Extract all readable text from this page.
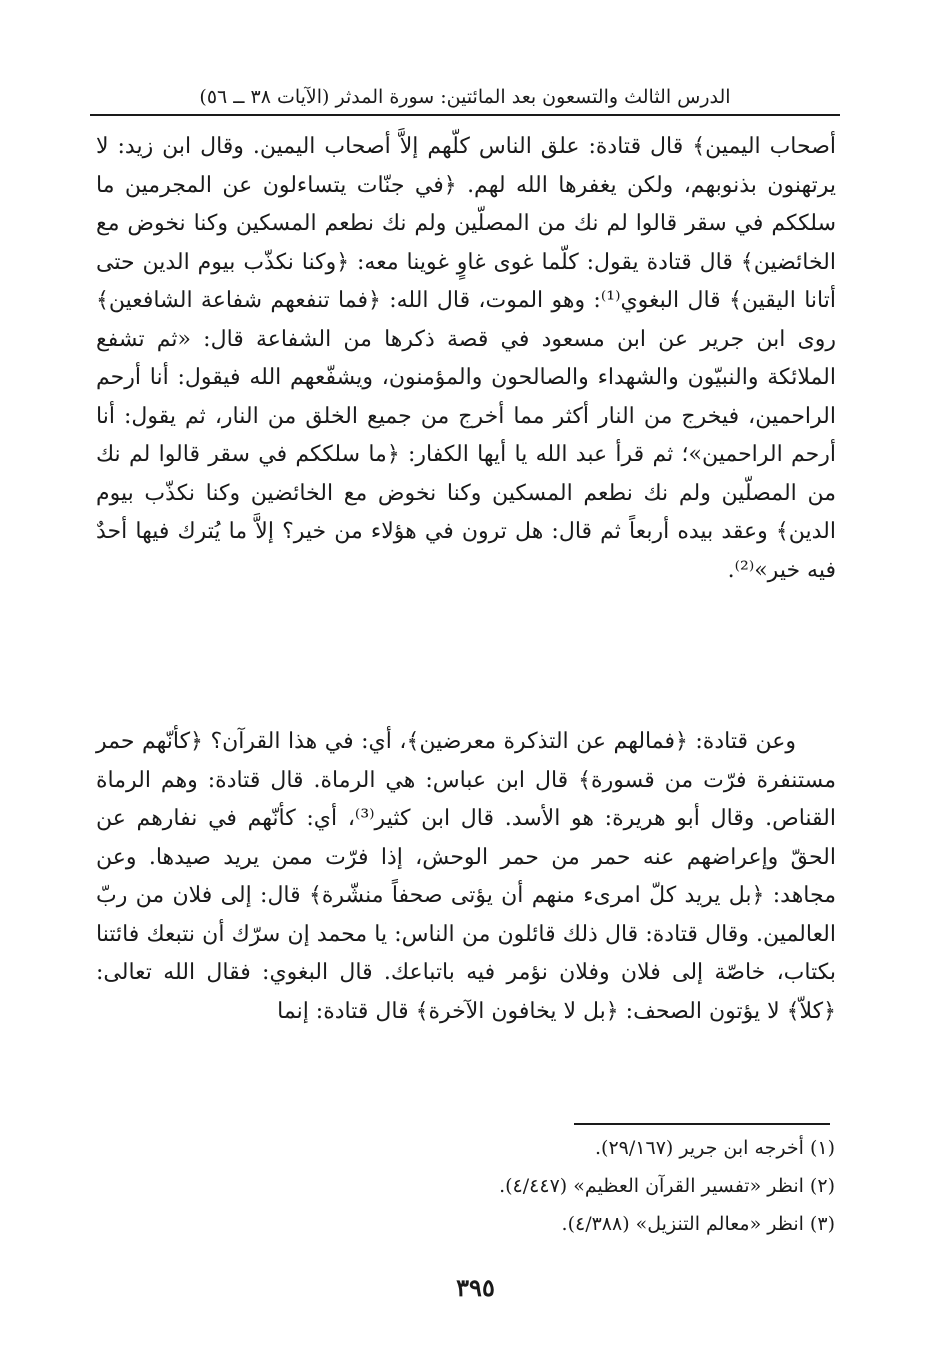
الدرس الثالث والتسعون بعد المائتين: سورة المدثر (الآيات ٣٨ ــ ٥٦)

أصحاب اليمين﴾ قال قتادة: علق الناس كلّهم إلاَّ أصحاب اليمين. وقال ابن زيد: لا يرتهنون بذنوبهم، ولكن يغفرها الله لهم. ﴿في جنّات يتساءلون عن المجرمين ما سلككم في سقر قالوا لم نك من المصلّين ولم نك نطعم المسكين وكنا نخوض مع الخائضين﴾ قال قتادة يقول: كلّما غوى غاوٍ غوينا معه: ﴿وكنا نكذّب بيوم الدين حتى أتانا اليقين﴾ قال البغوي⁽¹⁾: وهو الموت، قال الله: ﴿فما تنفعهم شفاعة الشافعين﴾ روى ابن جرير عن ابن مسعود في قصة ذكرها من الشفاعة قال: «ثم تشفع الملائكة والنبيّون والشهداء والصالحون والمؤمنون، ويشفّعهم الله فيقول: أنا أرحم الراحمين، فيخرج من النار أكثر مما أخرج من جميع الخلق من النار، ثم يقول: أنا أرحم الراحمين»؛ ثم قرأ عبد الله يا أيها الكفار: ﴿ما سلككم في سقر قالوا لم نك من المصلّين ولم نك نطعم المسكين وكنا نخوض مع الخائضين وكنا نكذّب بيوم الدين﴾ وعقد بيده أربعاً ثم قال: هل ترون في هؤلاء من خير؟ إلاَّ ما يُترك فيها أحدٌ فيه خير»⁽²⁾.

وعن قتادة: ﴿فمالهم عن التذكرة معرضين﴾، أي: في هذا القرآن؟ ﴿كأنّهم حمر مستنفرة فرّت من قسورة﴾ قال ابن عباس: هي الرماة. قال قتادة: وهم الرماة القناص. وقال أبو هريرة: هو الأسد. قال ابن كثير⁽³⁾، أي: كأنّهم في نفارهم عن الحقّ وإعراضهم عنه حمر من حمر الوحش، إذا فرّت ممن يريد صيدها. وعن مجاهد: ﴿بل يريد كلّ امرىء منهم أن يؤتى صحفاً منشّرة﴾ قال: إلى فلان من ربّ العالمين. وقال قتادة: قال ذلك قائلون من الناس: يا محمد إن سرّك أن نتبعك فائتنا بكتاب، خاصّة إلى فلان وفلان نؤمر فيه باتباعك. قال البغوي: فقال الله تعالى: ﴿كلاّ﴾ لا يؤتون الصحف: ﴿بل لا يخافون الآخرة﴾ قال قتادة: إنما

(١) أخرجه ابن جرير (٢٩/١٦٧).
(٢) انظر «تفسير القرآن العظيم» (٤/٤٤٧).
(٣) انظر «معالم التنزيل» (٤/٣٨٨).
٣٩٥
